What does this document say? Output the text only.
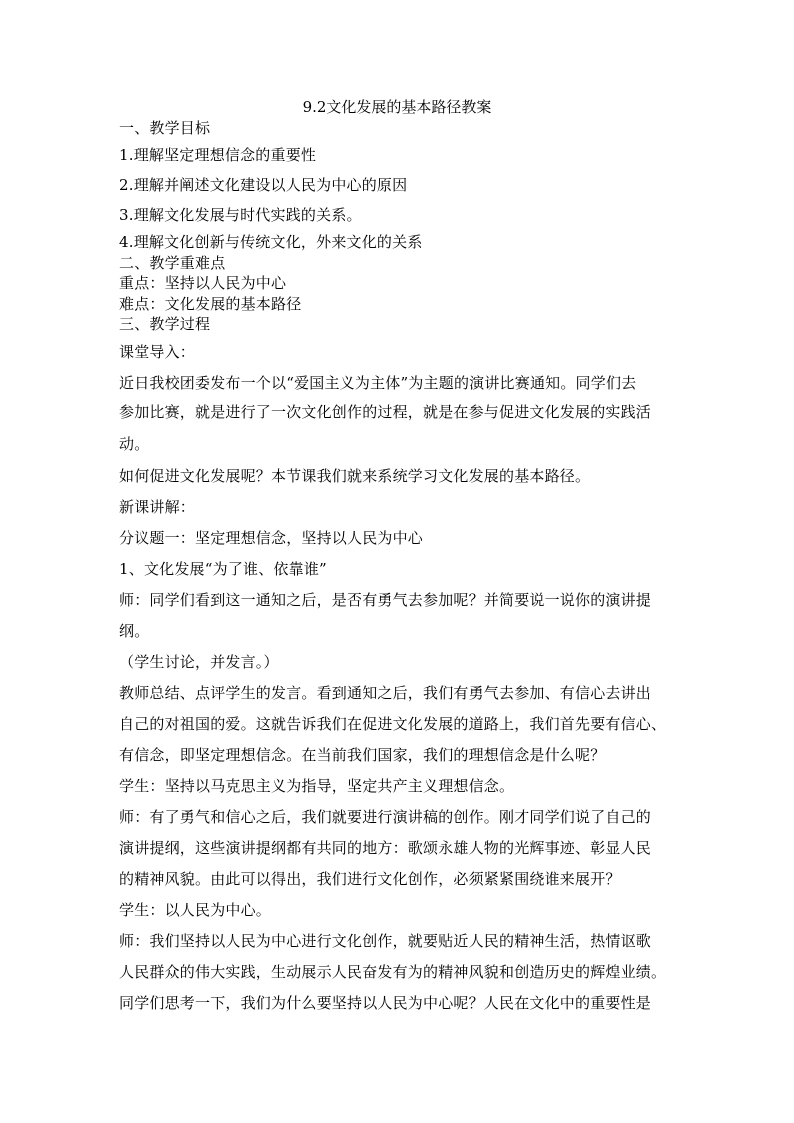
9.2文化发展的基本路径教案
一、教学目标
1.理解坚定理想信念的重要性
2.理解并阐述文化建设以人民为中心的原因
3.理解文化发展与时代实践的关系。
4.理解文化创新与传统文化，外来文化的关系
二、教学重难点
重点：坚持以人民为中心
难点：文化发展的基本路径
三、教学过程
课堂导入：
近日我校团委发布一个以“爱国主义为主体”为主题的演讲比赛通知。同学们去
参加比赛，就是进行了一次文化创作的过程，就是在参与促进文化发展的实践活
动。
如何促进文化发展呢？本节课我们就来系统学习文化发展的基本路径。
新课讲解：
分议题一：坚定理想信念，坚持以人民为中心
1、文化发展“为了谁、依靠谁”
师：同学们看到这一通知之后，是否有勇气去参加呢？并简要说一说你的演讲提
纲。
（学生讨论，并发言。）
教师总结、点评学生的发言。看到通知之后，我们有勇气去参加、有信心去讲出
自己的对祖国的爱。这就告诉我们在促进文化发展的道路上，我们首先要有信心、
有信念，即坚定理想信念。在当前我们国家，我们的理想信念是什么呢？
学生：坚持以马克思主义为指导，坚定共产主义理想信念。
师：有了勇气和信心之后，我们就要进行演讲稿的创作。刚才同学们说了自己的
演讲提纲，这些演讲提纲都有共同的地方：歌颂永雄人物的光辉事迹、彰显人民
的精神风貌。由此可以得出，我们进行文化创作，必须紧紧围绕谁来展开？
学生：以人民为中心。
师：我们坚持以人民为中心进行文化创作，就要贴近人民的精神生活，热情讴歌
人民群众的伟大实践，生动展示人民奋发有为的精神风貌和创造历史的辉煌业绩。
同学们思考一下，我们为什么要坚持以人民为中心呢？人民在文化中的重要性是
